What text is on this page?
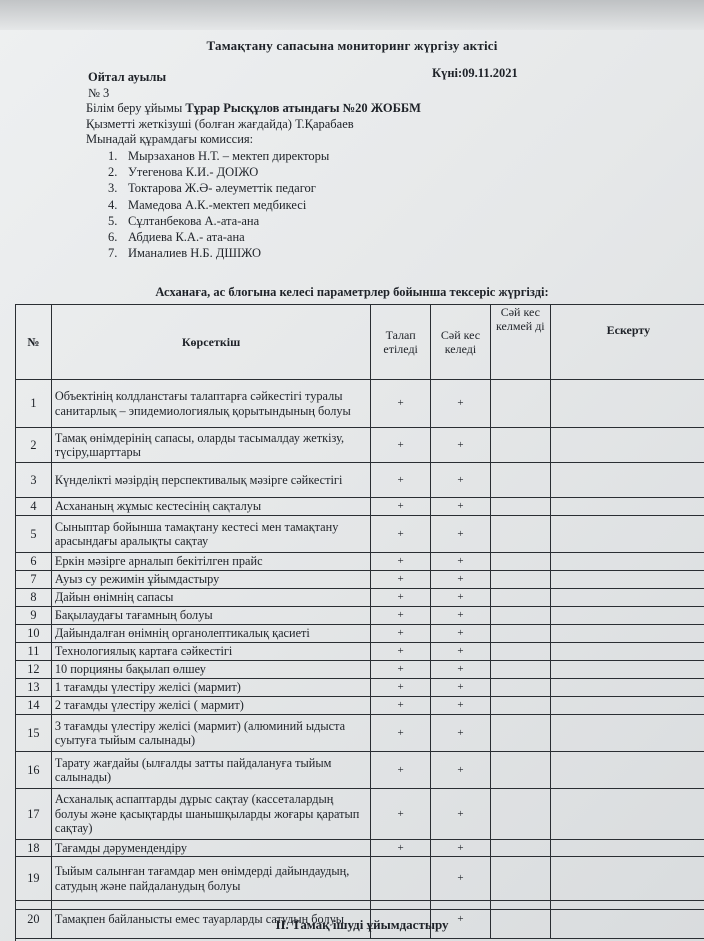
Тамақтану сапасына мониторинг жүргізу актісі
Ойтал ауылы	Күні:09.11.2021
№ 3
Білім беру ұйымы Тұрар Рысқұлов атындағы №20 ЖОББМ
Қызметті жеткізуші (болған жағдайда) Т.Қарабаев
Мынадай құрамдағы комиссия:
1. Мырзаханов Н.Т. – мектеп директоры
2. Утегенова К.И.- ДОІЖО
3. Токтарова Ж.Ә- әлеуметтік педагог
4. Мамедова А.К.-мектеп медбикесі
5. Сұлтанбекова А.-ата-ана
6. Абдиева К.А.- ата-ана
7. Иманалиев Н.Б. ДШІЖО
Асханаға, ас блогына келесі параметрлер бойынша тексеріс жүргізді:
№	Көрсеткіш	Талап етіледі	Сәй кес келеді	Сәй кес келмей ді	Ескерту
1	Объектінің колдланстағы талаптарға сәйкестігі туралы санитарлық – эпидемиологиялық қорытындының болуы	+	+		
2	Тамақ өнімдерінің сапасы, оларды тасымалдау жеткізу, түсіру,шарттары	+	+		
3	Күнделікті мәзірдің перспективалық мәзірге сәйкестігі	+	+		
4	Асхананың жұмыс кестесінің сақталуы	+	+		
5	Сыныптар бойынша тамақтану кестесі мен тамақтану арасындағы аралықты сақтау	+	+		
6	Еркін мәзірге арналып бекітілген прайс	+	+		
7	Ауыз су режимін ұйымдастыру	+	+		
8	Дайын өнімнің сапасы	+	+		
9	Бақылаудағы тағамның болуы	+	+		
10	Дайындалған өнімнің органолептикалық қасиеті	+	+		
11	Технологиялық картаға сәйкестігі	+	+		
12	10 порцияны бақылап өлшеу	+	+		
13	1 тағамды үлестіру желісі (мармит)	+	+		
14	2 тағамды үлестіру желісі ( мармит)	+	+		
15	3 тағамды үлестіру желісі (мармит) (алюминий ыдыста суытуға тыйым салынады)	+	+		
16	Тарату жағдайы (ылғалды затты пайдалануға тыйым салынады)	+	+		
17	Асханалық аспаптарды дұрыс сақтау (кассеталардың болуы және қасықтарды шанышқыларды жоғары қаратып сақтау)	+	+		
18	Тағамды дәрумендендіру	+	+		
19	Тыйым салынған тағамдар мен өнімдерді дайындаудың, сатудың және пайдаланудың болуы		+		
20	Тамақпен байланысты емес тауарларды сатудың болуы		+		
ІІ. Тамақ ішуді ұйымдастыру
